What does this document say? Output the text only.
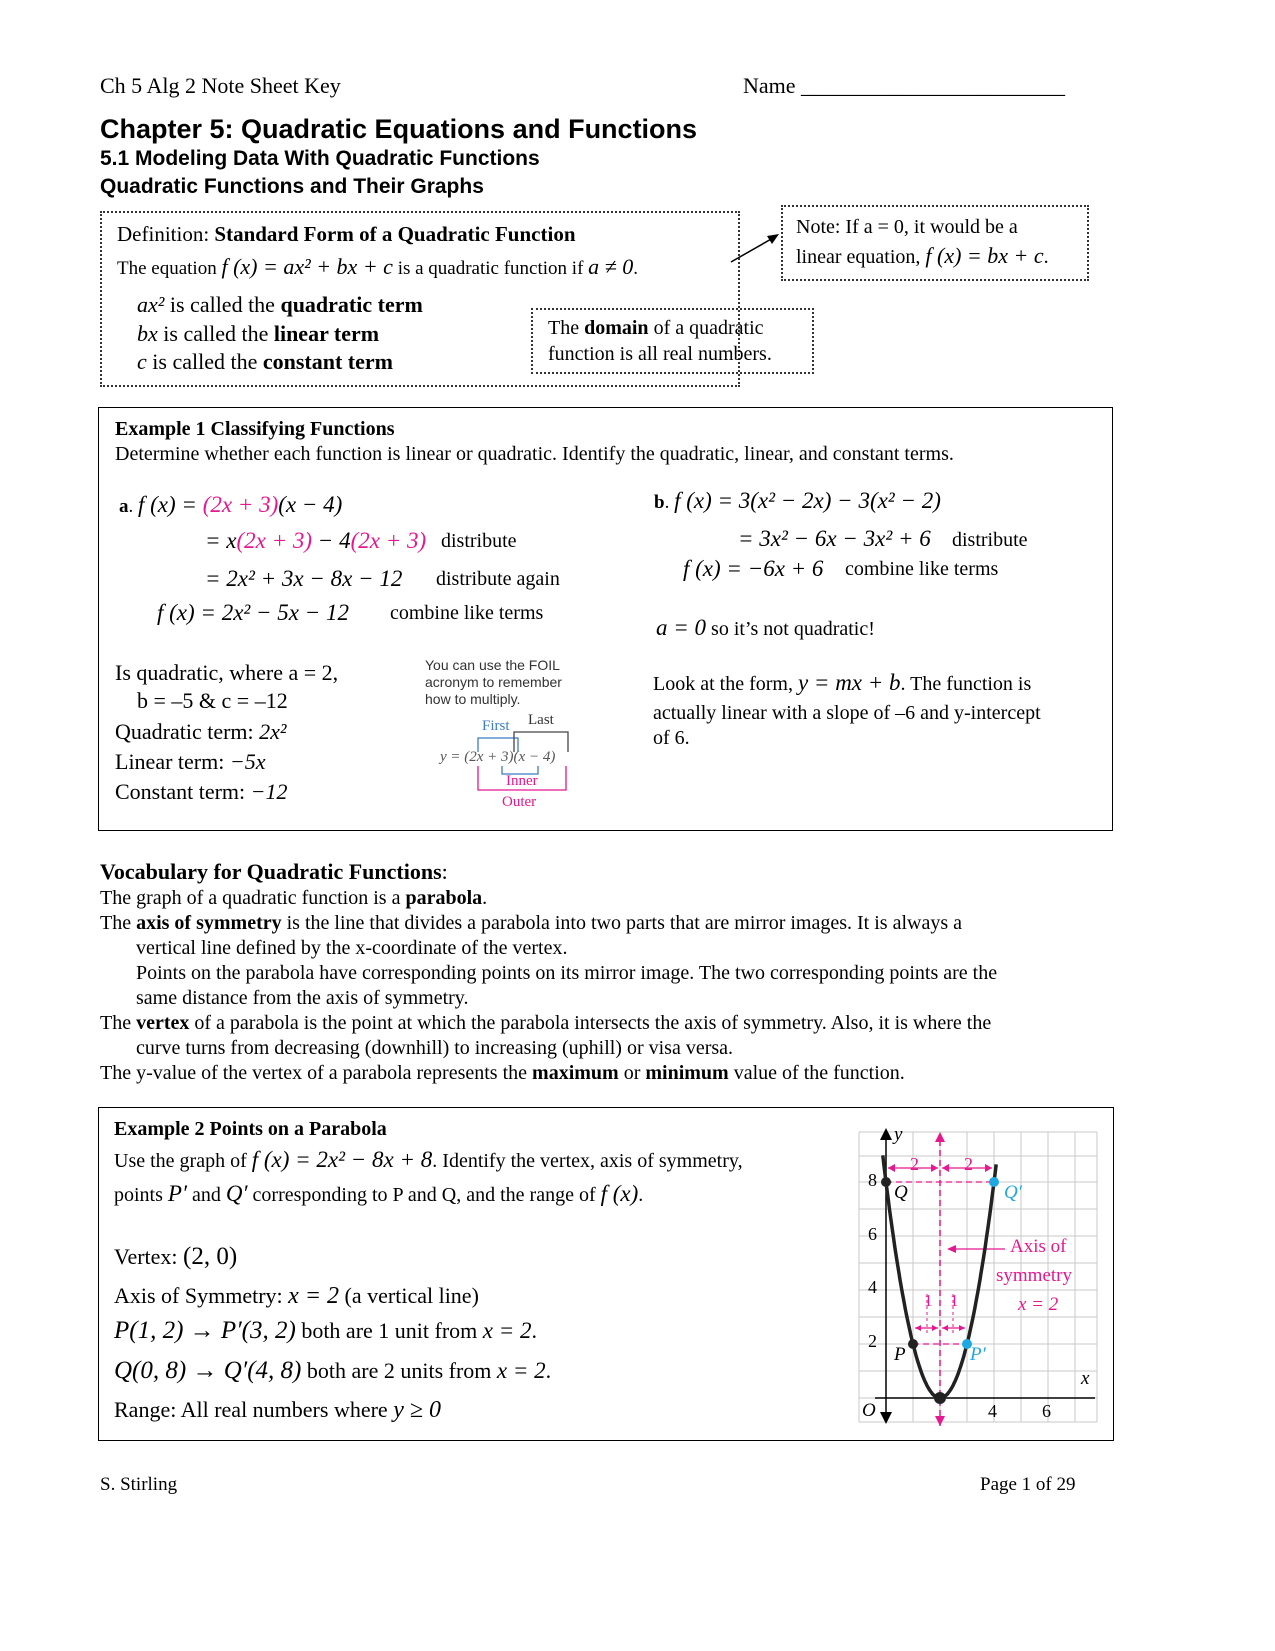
Ch 5 Alg 2 Note Sheet Key	Name ________________________
Chapter 5: Quadratic Equations and Functions
5.1 Modeling Data With Quadratic Functions
Quadratic Functions and Their Graphs
Definition: Standard Form of a Quadratic Function
The equation f (x) = ax² + bx + c is a quadratic function if a ≠ 0.
ax² is called the quadratic term
bx is called the linear term
c is called the constant term
Note: If a = 0, it would be a
linear equation, f (x) = bx + c.
The domain of a quadratic
function is all real numbers.
Example 1 Classifying Functions
Determine whether each function is linear or quadratic. Identify the quadratic, linear, and constant terms.
a. f (x) = (2x + 3)(x − 4)
= x(2x + 3) − 4(2x + 3) distribute
= 2x² + 3x − 8x − 12 distribute again
f (x) = 2x² − 5x − 12 combine like terms
Is quadratic, where a = 2,
b = –5 & c = –12
Quadratic term: 2x²
Linear term: −5x
Constant term: −12
You can use the FOIL
acronym to remember
how to multiply.
First Last
y = (2x + 3)(x − 4)
Inner
Outer
b. f (x) = 3(x² − 2x) − 3(x² − 2)
= 3x² − 6x − 3x² + 6 distribute
f (x) = −6x + 6 combine like terms
a = 0 so it’s not quadratic!
Look at the form, y = mx + b. The function is
actually linear with a slope of –6 and y-intercept
of 6.
Vocabulary for Quadratic Functions:
The graph of a quadratic function is a parabola.
The axis of symmetry is the line that divides a parabola into two parts that are mirror images. It is always a
vertical line defined by the x-coordinate of the vertex.
Points on the parabola have corresponding points on its mirror image. The two corresponding points are the
same distance from the axis of symmetry.
The vertex of a parabola is the point at which the parabola intersects the axis of symmetry. Also, it is where the
curve turns from decreasing (downhill) to increasing (uphill) or visa versa.
The y-value of the vertex of a parabola represents the maximum or minimum value of the function.
Example 2 Points on a Parabola
Use the graph of f (x) = 2x² − 8x + 8. Identify the vertex, axis of symmetry,
points P′ and Q′ corresponding to P and Q, and the range of f (x).
Vertex: (2, 0)
Axis of Symmetry: x = 2 (a vertical line)
P(1, 2) → P′(3, 2) both are 1 unit from x = 2.
Q(0, 8) → Q′(4, 8) both are 2 units from x = 2.
Range: All real numbers where y ≥ 0
y
x
O
2
4
6
8
4	6
2	2
1 1
P	P′
Q	Q′
Axis of
symmetry
x = 2
S. Stirling	Page 1 of 29
